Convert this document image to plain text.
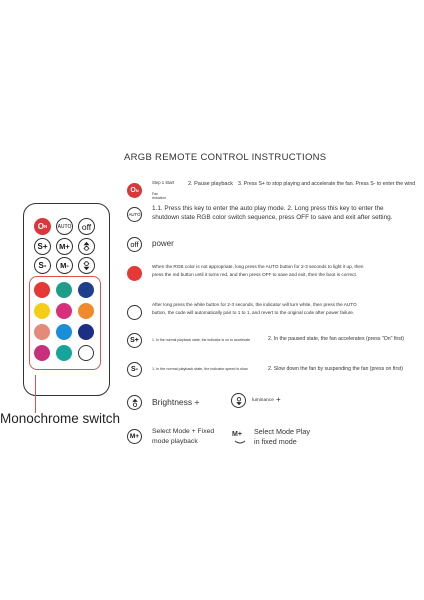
O N AUTO off
S+ M+
S- M-
Monochrome switch
ARGB REMOTE CONTROL INSTRUCTIONS
O N
Step 1 Start	2. Pause playback 3. Press S+ to stop playing and accelerate the fan. Press S- to enter the wind
Fan reduction
AUTO
1.1. Press this key to enter the auto play mode. 2. Long press this key to enter the
shutdown state RGB color switch sequence, press OFF to save and exit after setting.
off	power
When the RGB color is not appropriate, long press the AUTO button for 2-3 seconds to light it up, then
press the red button until it turns red, and then press OFF to save and exit, then the boot is correct.
After long press the white button for 2-3 seconds, the indicator will turn white, then press the AUTO
button, the code will automatically pair to 1 to 1, and revert to the original code after power failure.
S+	1. In the normal playback state, the indicator is on to accelerate	2. In the paused state, the fan accelerates (press "On" first)
S-	1. In the normal playback state, the indicator speed is slow.	2. Slow down the fan by suspending the fan (press on first)
Brightness +	luminance +
M+
Select Mode + Fixed
mode playback
M+ Select Mode Play
in fixed mode
